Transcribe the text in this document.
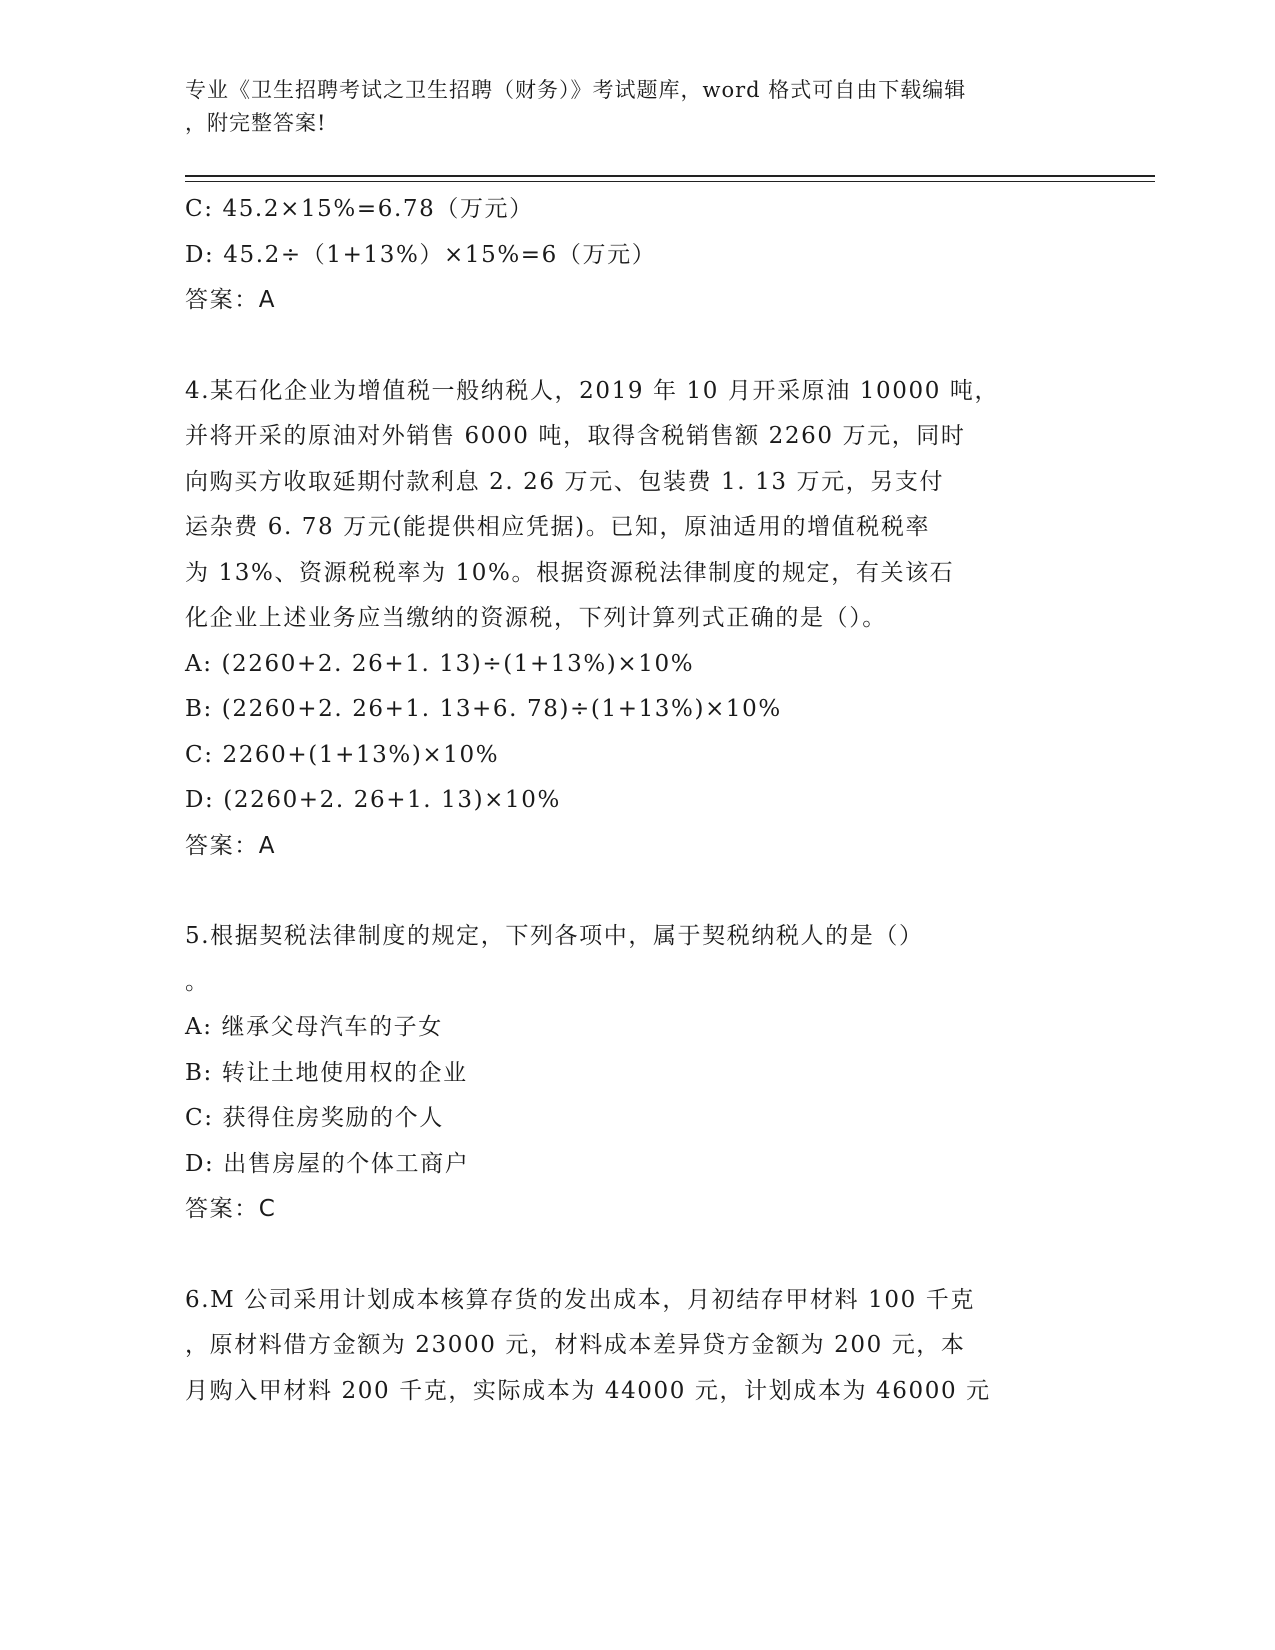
专业《卫生招聘考试之卫生招聘（财务）》考试题库，word 格式可自由下载编辑
，附完整答案!
C: 45.2×15%=6.78（万元）
D: 45.2÷（1+13%）×15%=6（万元）
答案：A
4.某石化企业为增值税一般纳税人，2019 年 10 月开采原油 10000 吨，
并将开采的原油对外销售 6000 吨，取得含税销售额 2260 万元，同时
向购买方收取延期付款利息 2. 26 万元、包装费 1. 13 万元，另支付
运杂费 6. 78 万元(能提供相应凭据)。已知，原油适用的增值税税率
为 13%、资源税税率为 10%。根据资源税法律制度的规定，有关该石
化企业上述业务应当缴纳的资源税，下列计算列式正确的是（）。
A: (2260+2. 26+1. 13)÷(1+13%)×10%
B: (2260+2. 26+1. 13+6. 78)÷(1+13%)×10%
C: 2260+(1+13%)×10%
D: (2260+2. 26+1. 13)×10%
答案：A
5.根据契税法律制度的规定，下列各项中，属于契税纳税人的是（）
。
A: 继承父母汽车的子女
B: 转让土地使用权的企业
C: 获得住房奖励的个人
D: 出售房屋的个体工商户
答案：C
6.M 公司采用计划成本核算存货的发出成本，月初结存甲材料 100 千克
，原材料借方金额为 23000 元，材料成本差异贷方金额为 200 元，本
月购入甲材料 200 千克，实际成本为 44000 元，计划成本为 46000 元
